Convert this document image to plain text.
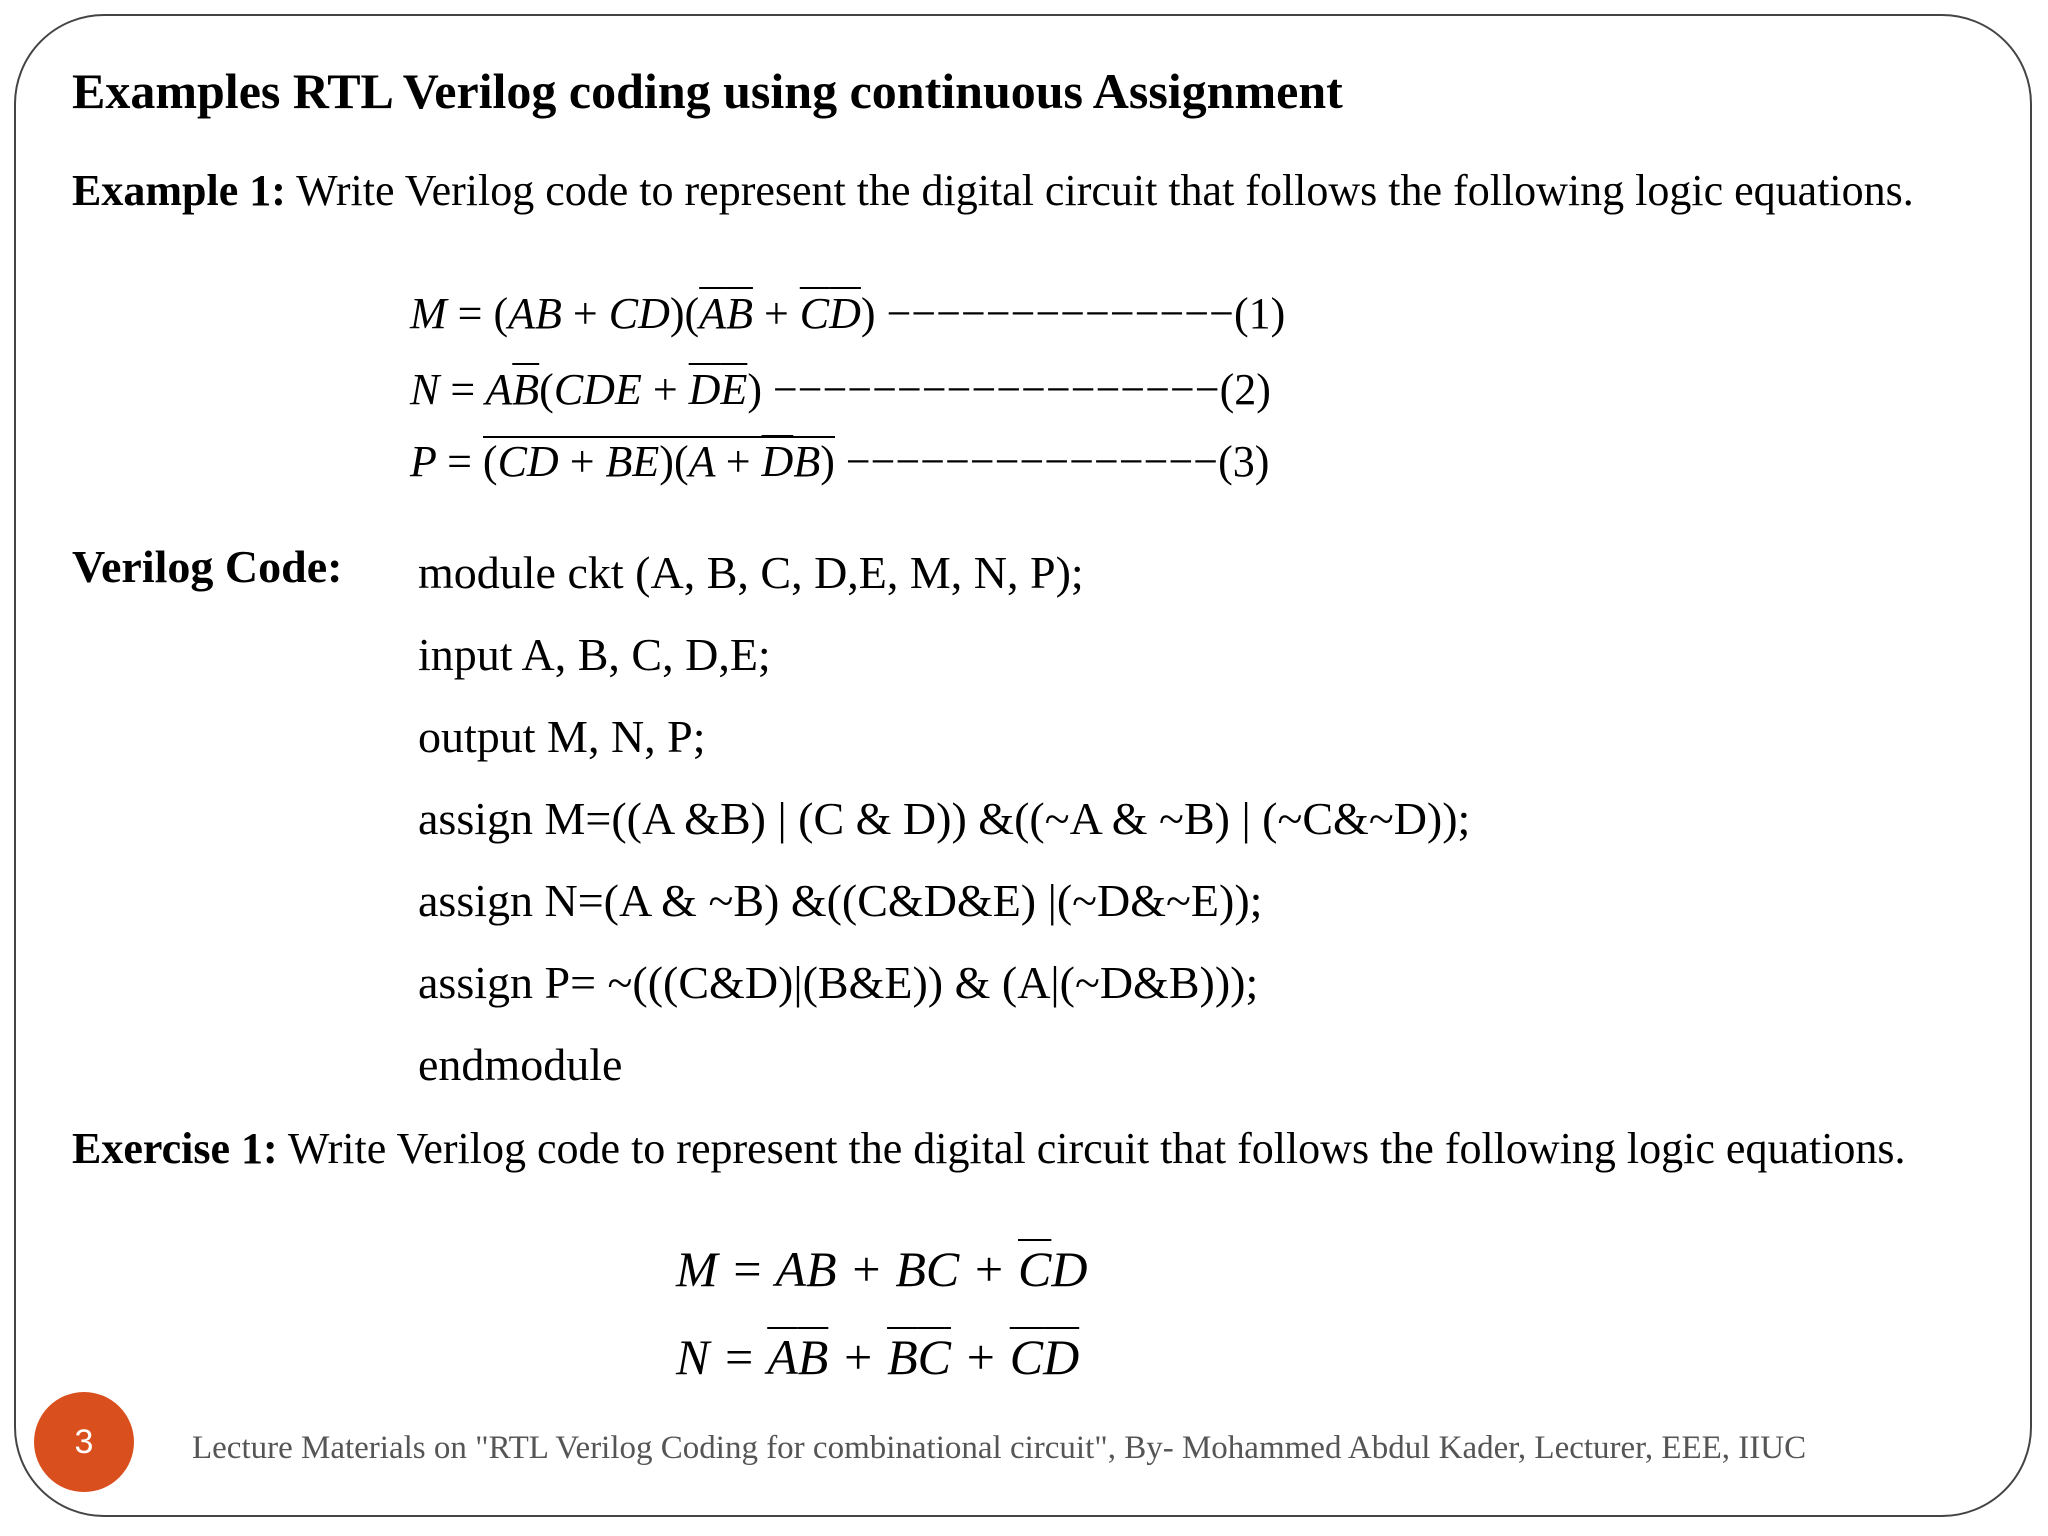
Examples RTL Verilog coding using continuous Assignment
Example 1: Write Verilog code to represent the digital circuit that follows the following logic equations.
$M = (AB + CD)(\overline{A}\overline{B} + \overline{C}\overline{D}) --------------(1)$
$N = A\overline{B}(CDE + \overline{D}\overline{E}) ------------------(2)$
$P = (CD + BE)(A + \overline{D}B) ---------------(3)$
Verilog Code: module ckt (A, B, C, D,E, M, N, P);
input A, B, C, D,E;
output M, N, P;
assign M=((A &B) | (C & D)) &((~A & ~B) | (~C&~D));
assign N=(A & ~B) &((C&D&E) |(~D&~E));
assign P= ~(((C&D)|(B&E)) & (A|(~D&B)));
endmodule
Exercise 1: Write Verilog code to represent the digital circuit that follows the following logic equations.
M = AB + BC + $\overline{C}D$
$N = \overline{A}\overline{B} + \overline{B}\overline{C} + \overline{C}\overline{D}$
3	Lecture Materials on "RTL Verilog Coding for combinational circuit", By- Mohammed Abdul Kader, Lecturer, EEE, IIUC
